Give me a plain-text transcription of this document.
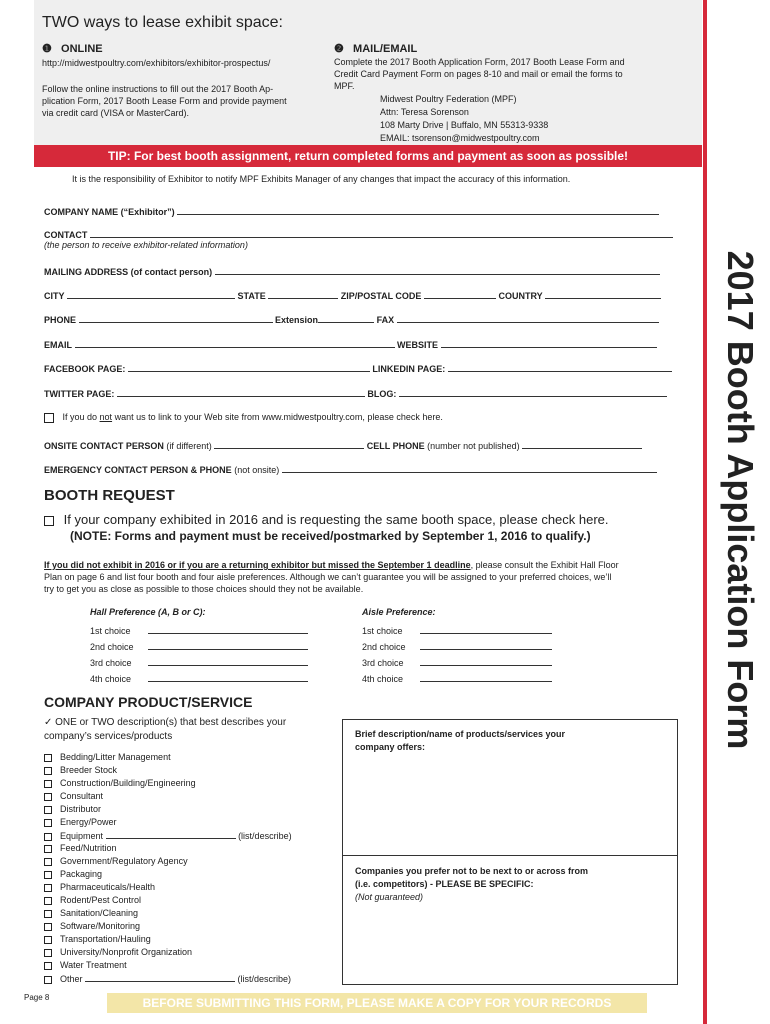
TWO ways to lease exhibit space:
❶ ONLINE
http://midwestpoultry.com/exhibitors/exhibitor-prospectus/
Follow the online instructions to fill out the 2017 Booth Ap-
plication Form, 2017 Booth Lease Form and provide payment
via credit card (VISA or MasterCard).
❷ MAIL/EMAIL
Complete the 2017 Booth Application Form, 2017 Booth Lease Form and
Credit Card Payment Form on pages 8-10 and mail or email the forms to
MPF.
Midwest Poultry Federation (MPF)
Attn: Teresa Sorenson
108 Marty Drive | Buffalo, MN 55313-9338
EMAIL: tsorenson@midwestpoultry.com
TIP: For best booth assignment, return completed forms and payment as soon as possible!
It is the responsibility of Exhibitor to notify MPF Exhibits Manager of any changes that impact the accuracy of this information.
COMPANY NAME (“Exhibitor”)
CONTACT
(the person to receive exhibitor-related information)
MAILING ADDRESS (of contact person)
CITY	STATE	ZIP/POSTAL CODE	COUNTRY
PHONE	Extension	FAX
EMAIL	WEBSITE
FACEBOOK PAGE:	LINKEDIN PAGE:
TWITTER PAGE:	BLOG:
If you do not want us to link to your Web site from www.midwestpoultry.com, please check here.
ONSITE CONTACT PERSON (if different)	CELL PHONE (number not published)
EMERGENCY CONTACT PERSON & PHONE (not onsite)
BOOTH REQUEST
If your company exhibited in 2016 and is requesting the same booth space, please check here.
(NOTE: Forms and payment must be received/postmarked by September 1, 2016 to qualify.)
If you did not exhibit in 2016 or if you are a returning exhibitor but missed the September 1 deadline, please consult the Exhibit Hall Floor
Plan on page 6 and list four booth and four aisle preferences. Although we can’t guarantee you will be assigned to your preferred choices, we’ll
try to get you as close as possible to those choices should they not be available.
Hall Preference (A, B or C):	Aisle Preference:
1st choice
2nd choice
3rd choice
4th choice
1st choice
2nd choice
3rd choice
4th choice
COMPANY PRODUCT/SERVICE
✓ ONE or TWO description(s) that best describes your
company’s services/products
Bedding/Litter Management
Breeder Stock
Construction/Building/Engineering
Consultant
Distributor
Energy/Power
Equipment	(list/describe)
Feed/Nutrition
Government/Regulatory Agency
Packaging
Pharmaceuticals/Health
Rodent/Pest Control
Sanitation/Cleaning
Software/Monitoring
Transportation/Hauling
University/Nonprofit Organization
Water Treatment
Other	(list/describe)
Brief description/name of products/services your
company offers:
Companies you prefer not to be next to or across from
(i.e. competitors) - PLEASE BE SPECIFIC:
(Not guaranteed)
Page 8	BEFORE SUBMITTING THIS FORM, PLEASE MAKE A COPY FOR YOUR RECORDS
2017 Booth Application Form
